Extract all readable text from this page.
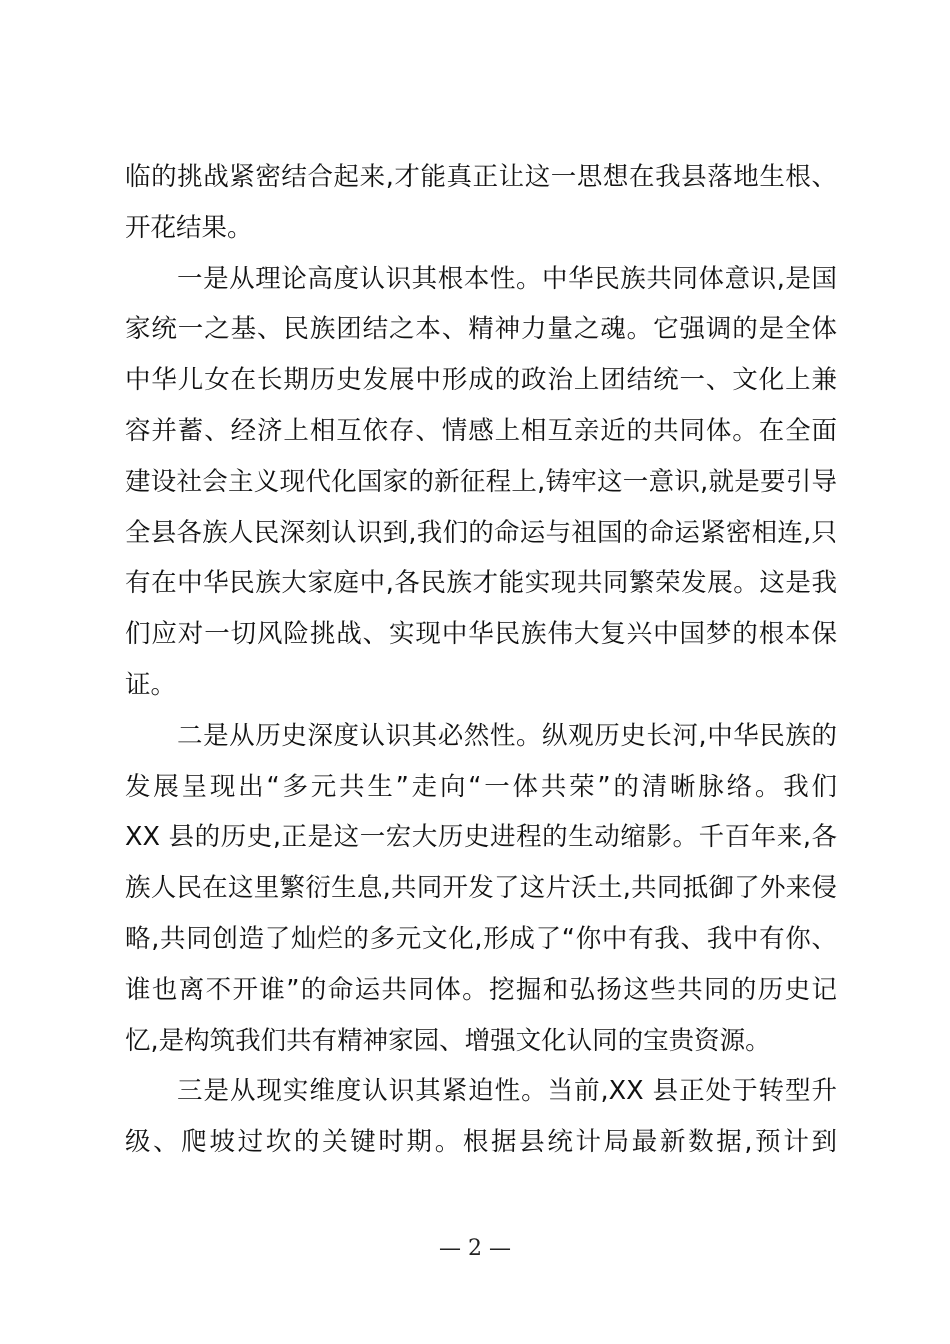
临的挑战紧密结合起来,才能真正让这一思想在我县落地生根、
开花结果。
一是从理论高度认识其根本性。中华民族共同体意识,是国
家统一之基、民族团结之本、精神力量之魂。它强调的是全体
中华儿女在长期历史发展中形成的政治上团结统一、文化上兼
容并蓄、经济上相互依存、情感上相互亲近的共同体。在全面
建设社会主义现代化国家的新征程上,铸牢这一意识,就是要引导
全县各族人民深刻认识到,我们的命运与祖国的命运紧密相连,只
有在中华民族大家庭中,各民族才能实现共同繁荣发展。这是我
们应对一切风险挑战、实现中华民族伟大复兴中国梦的根本保
证。
二是从历史深度认识其必然性。纵观历史长河,中华民族的
发展呈现出“多元共生”走向“一体共荣”的清晰脉络。我们
XX 县的历史,正是这一宏大历史进程的生动缩影。千百年来,各
族人民在这里繁衍生息,共同开发了这片沃土,共同抵御了外来侵
略,共同创造了灿烂的多元文化,形成了“你中有我、我中有你、
谁也离不开谁”的命运共同体。挖掘和弘扬这些共同的历史记
忆,是构筑我们共有精神家园、增强文化认同的宝贵资源。
三是从现实维度认识其紧迫性。当前,XX 县正处于转型升
级、爬坡过坎的关键时期。根据县统计局最新数据,预计到
— 2 —
